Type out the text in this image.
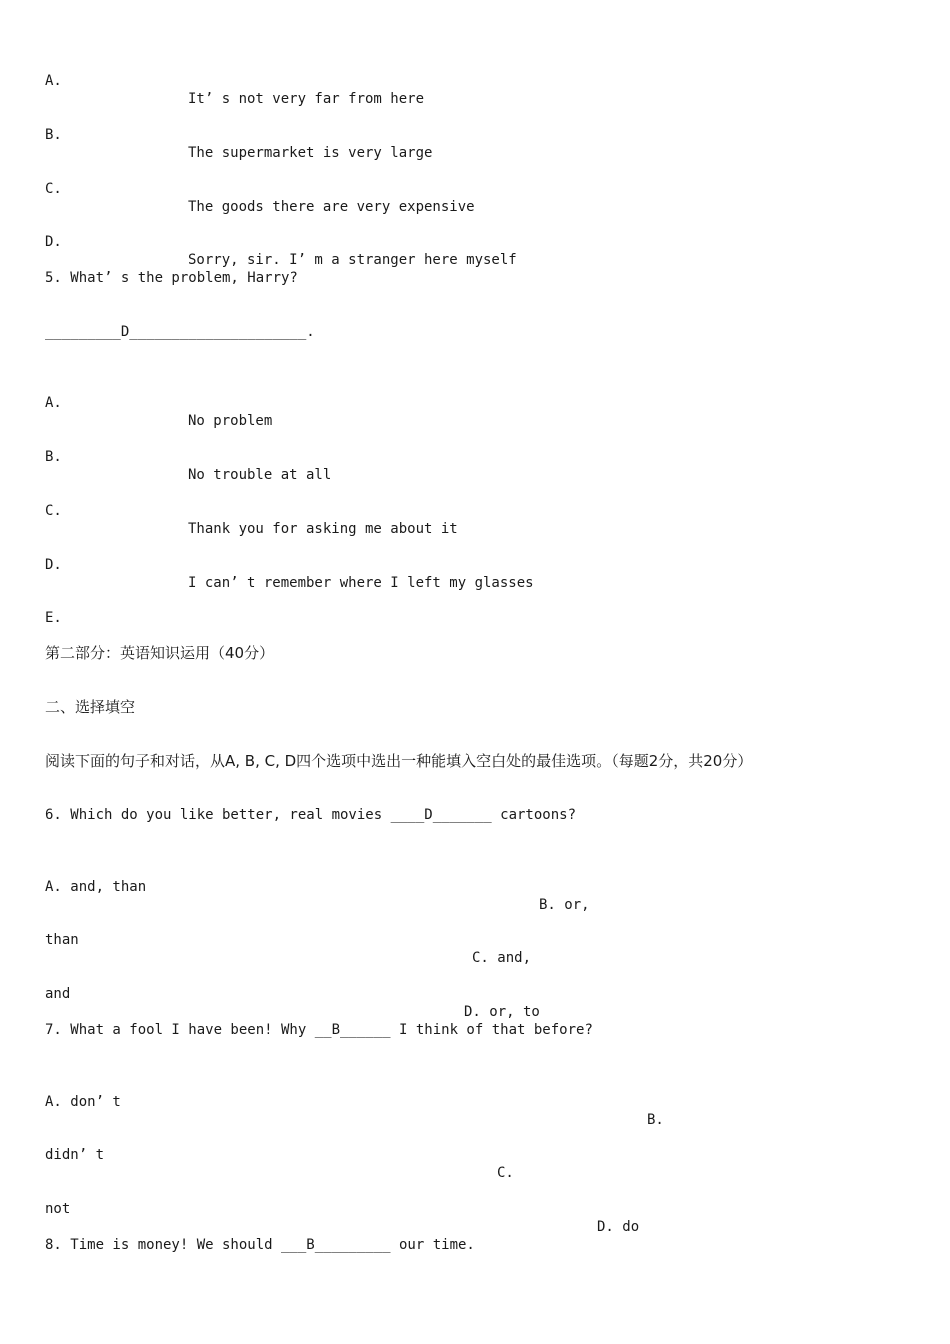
A.

It’ s not very far from here

B.

The supermarket is very large

C.

The goods there are very expensive

D.

Sorry, sir. I’ m a stranger here myself

5. What’ s the problem, Harry?
_________D_____________________.

A.

No problem

B.

No trouble at all

C.

Thank you for asking me about it

D.

I can’ t remember where I left my glasses

E.

第二部分：英语知识运用（40分）
二、选择填空
阅读下面的句子和对话，从A, B, C, D四个选项中选出一种能填入空白处的最佳选项。（每题2分，共20分）
6. Which do you like better, real movies ____D_______ cartoons?

A. and, than

B. or,

than

C. and,

and

D. or, to

7. What a fool I have been! Why __B______ I think of that before?

A. don’ t

B.

didn’ t

C.

not

D. do

8. Time is money! We should ___B_________ our time.
